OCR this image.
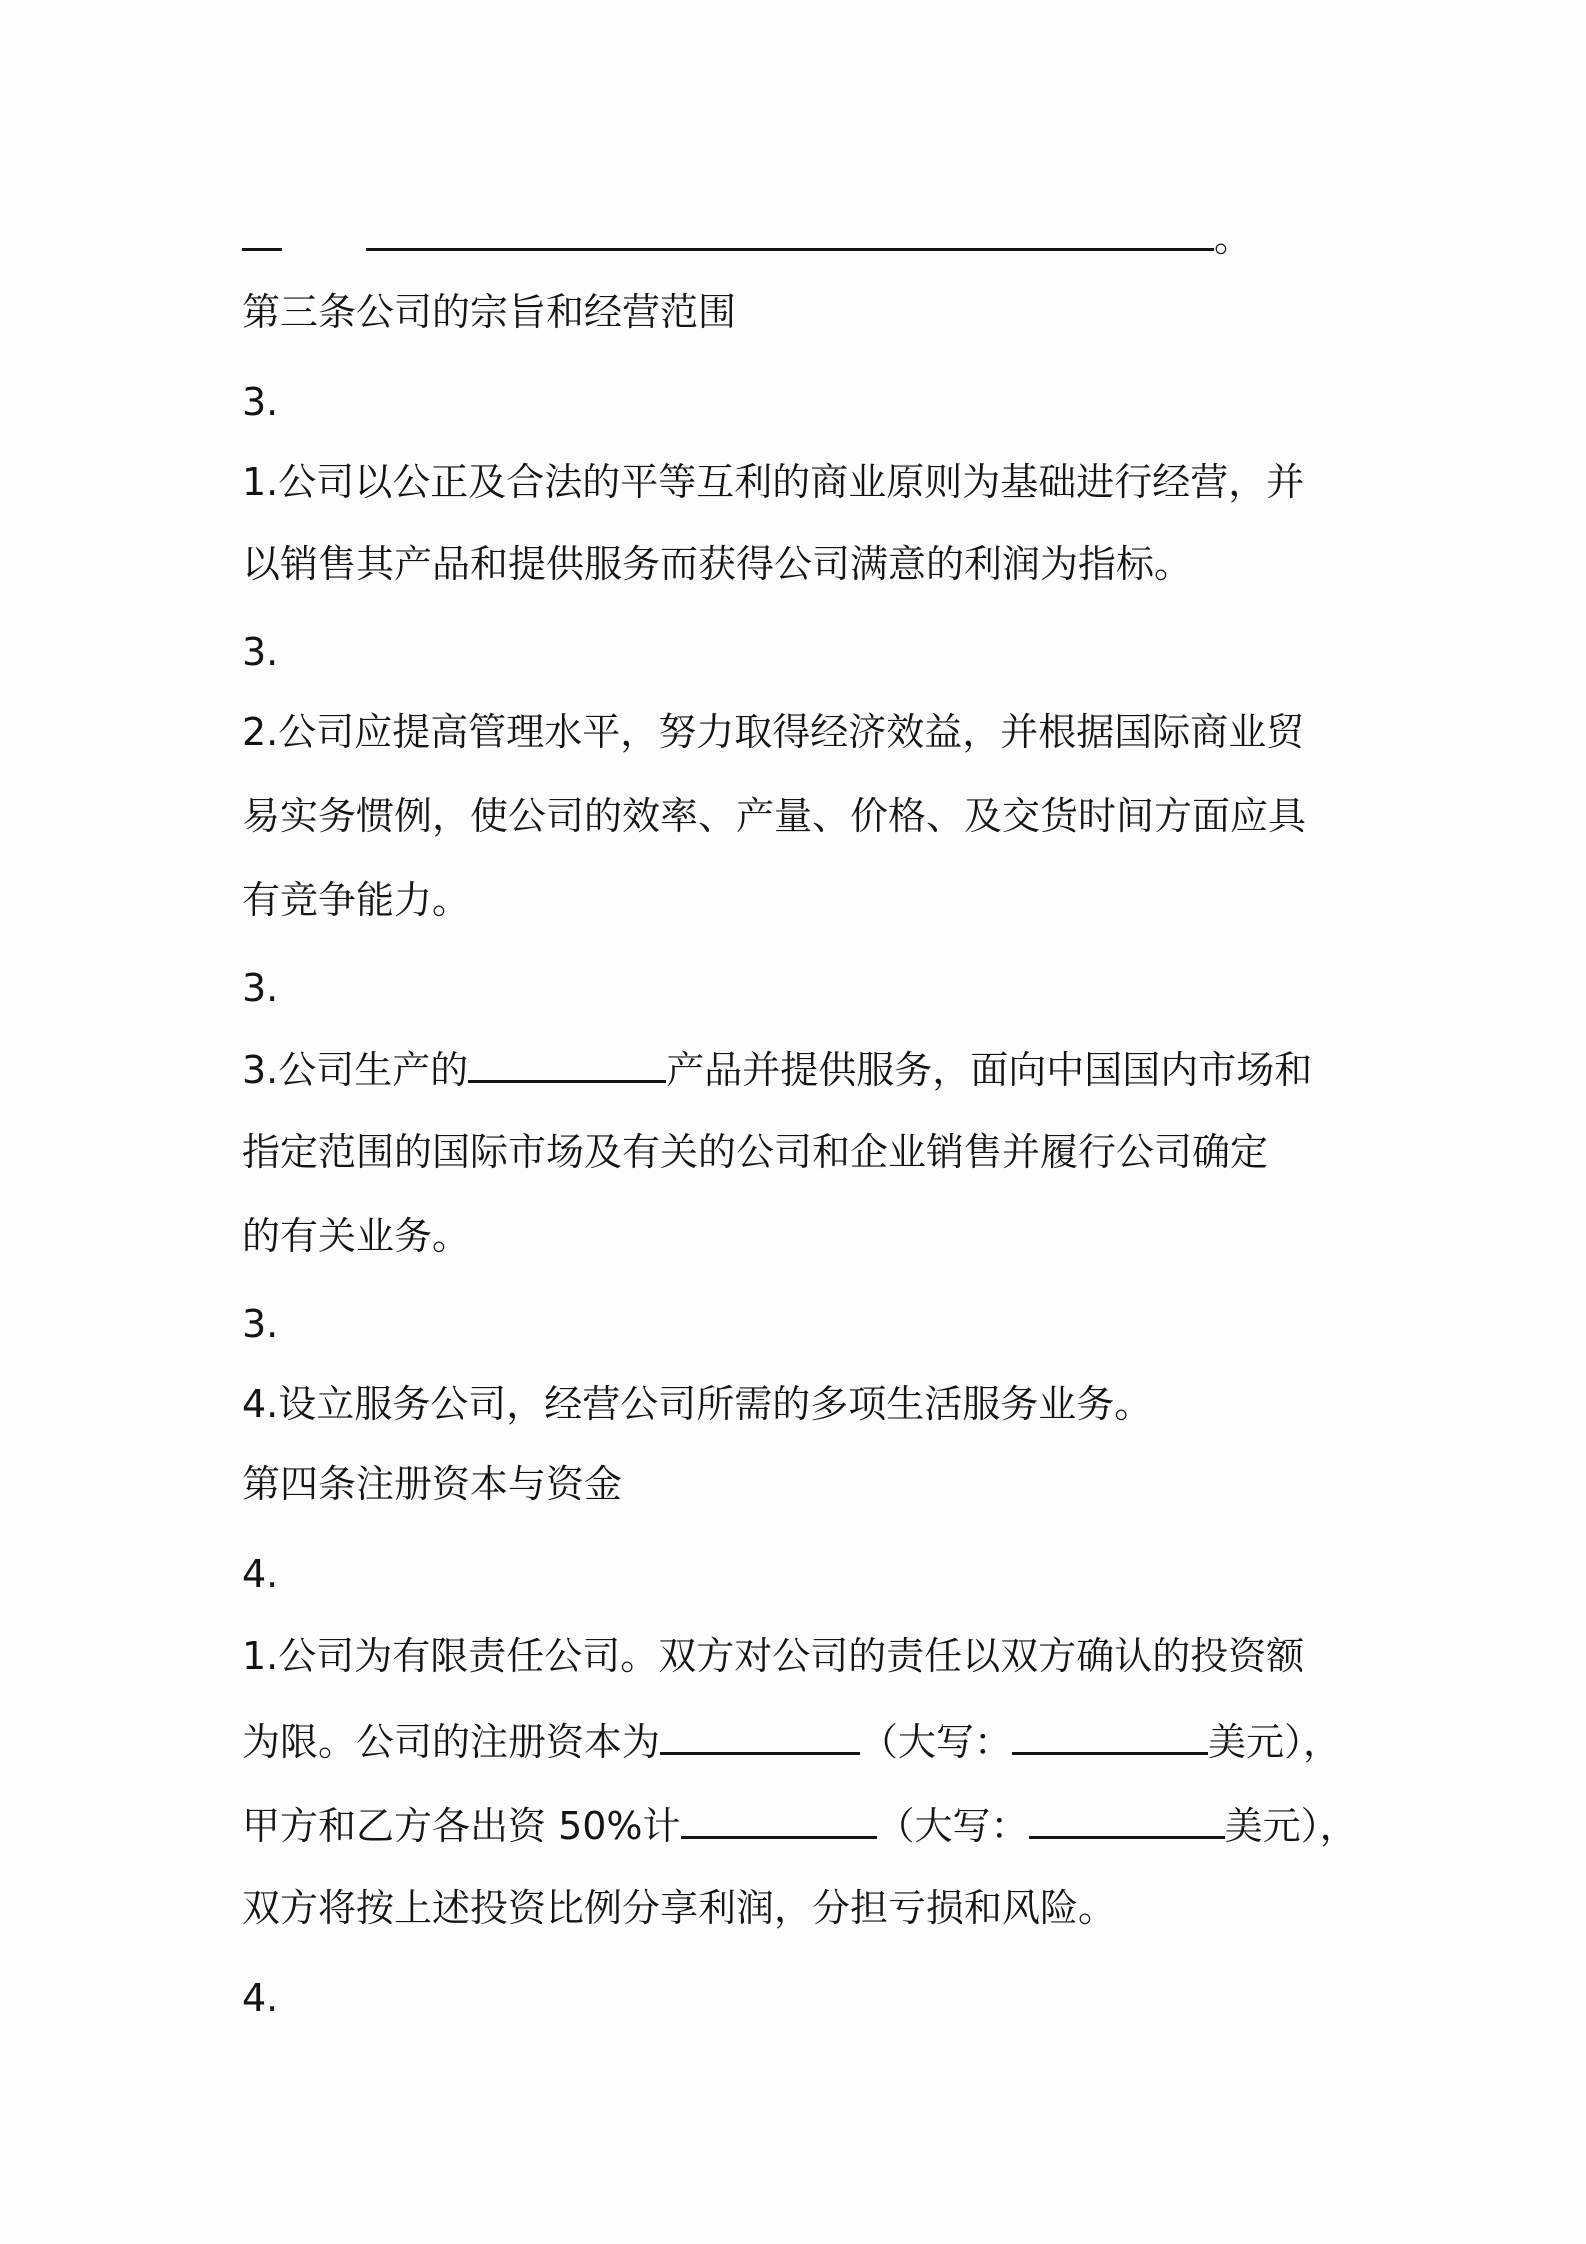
。
第三条公司的宗旨和经营范围
3.
1.公司以公正及合法的平等互利的商业原则为基础进行经营，并
以销售其产品和提供服务而获得公司满意的利润为指标。
3.
2.公司应提高管理水平，努力取得经济效益，并根据国际商业贸
易实务惯例，使公司的效率、产量、价格、及交货时间方面应具
有竞争能力。
3.
3.公司生产的	产品并提供服务，面向中国国内市场和
指定范围的国际市场及有关的公司和企业销售并履行公司确定
的有关业务。
3.
4.设立服务公司，经营公司所需的多项生活服务业务。
第四条注册资本与资金
4.
1.公司为有限责任公司。双方对公司的责任以双方确认的投资额
为限。公司的注册资本为	（大写：	美元），
甲方和乙方各出资 50%计	（大写：	美元），
双方将按上述投资比例分享利润，分担亏损和风险。
4.
